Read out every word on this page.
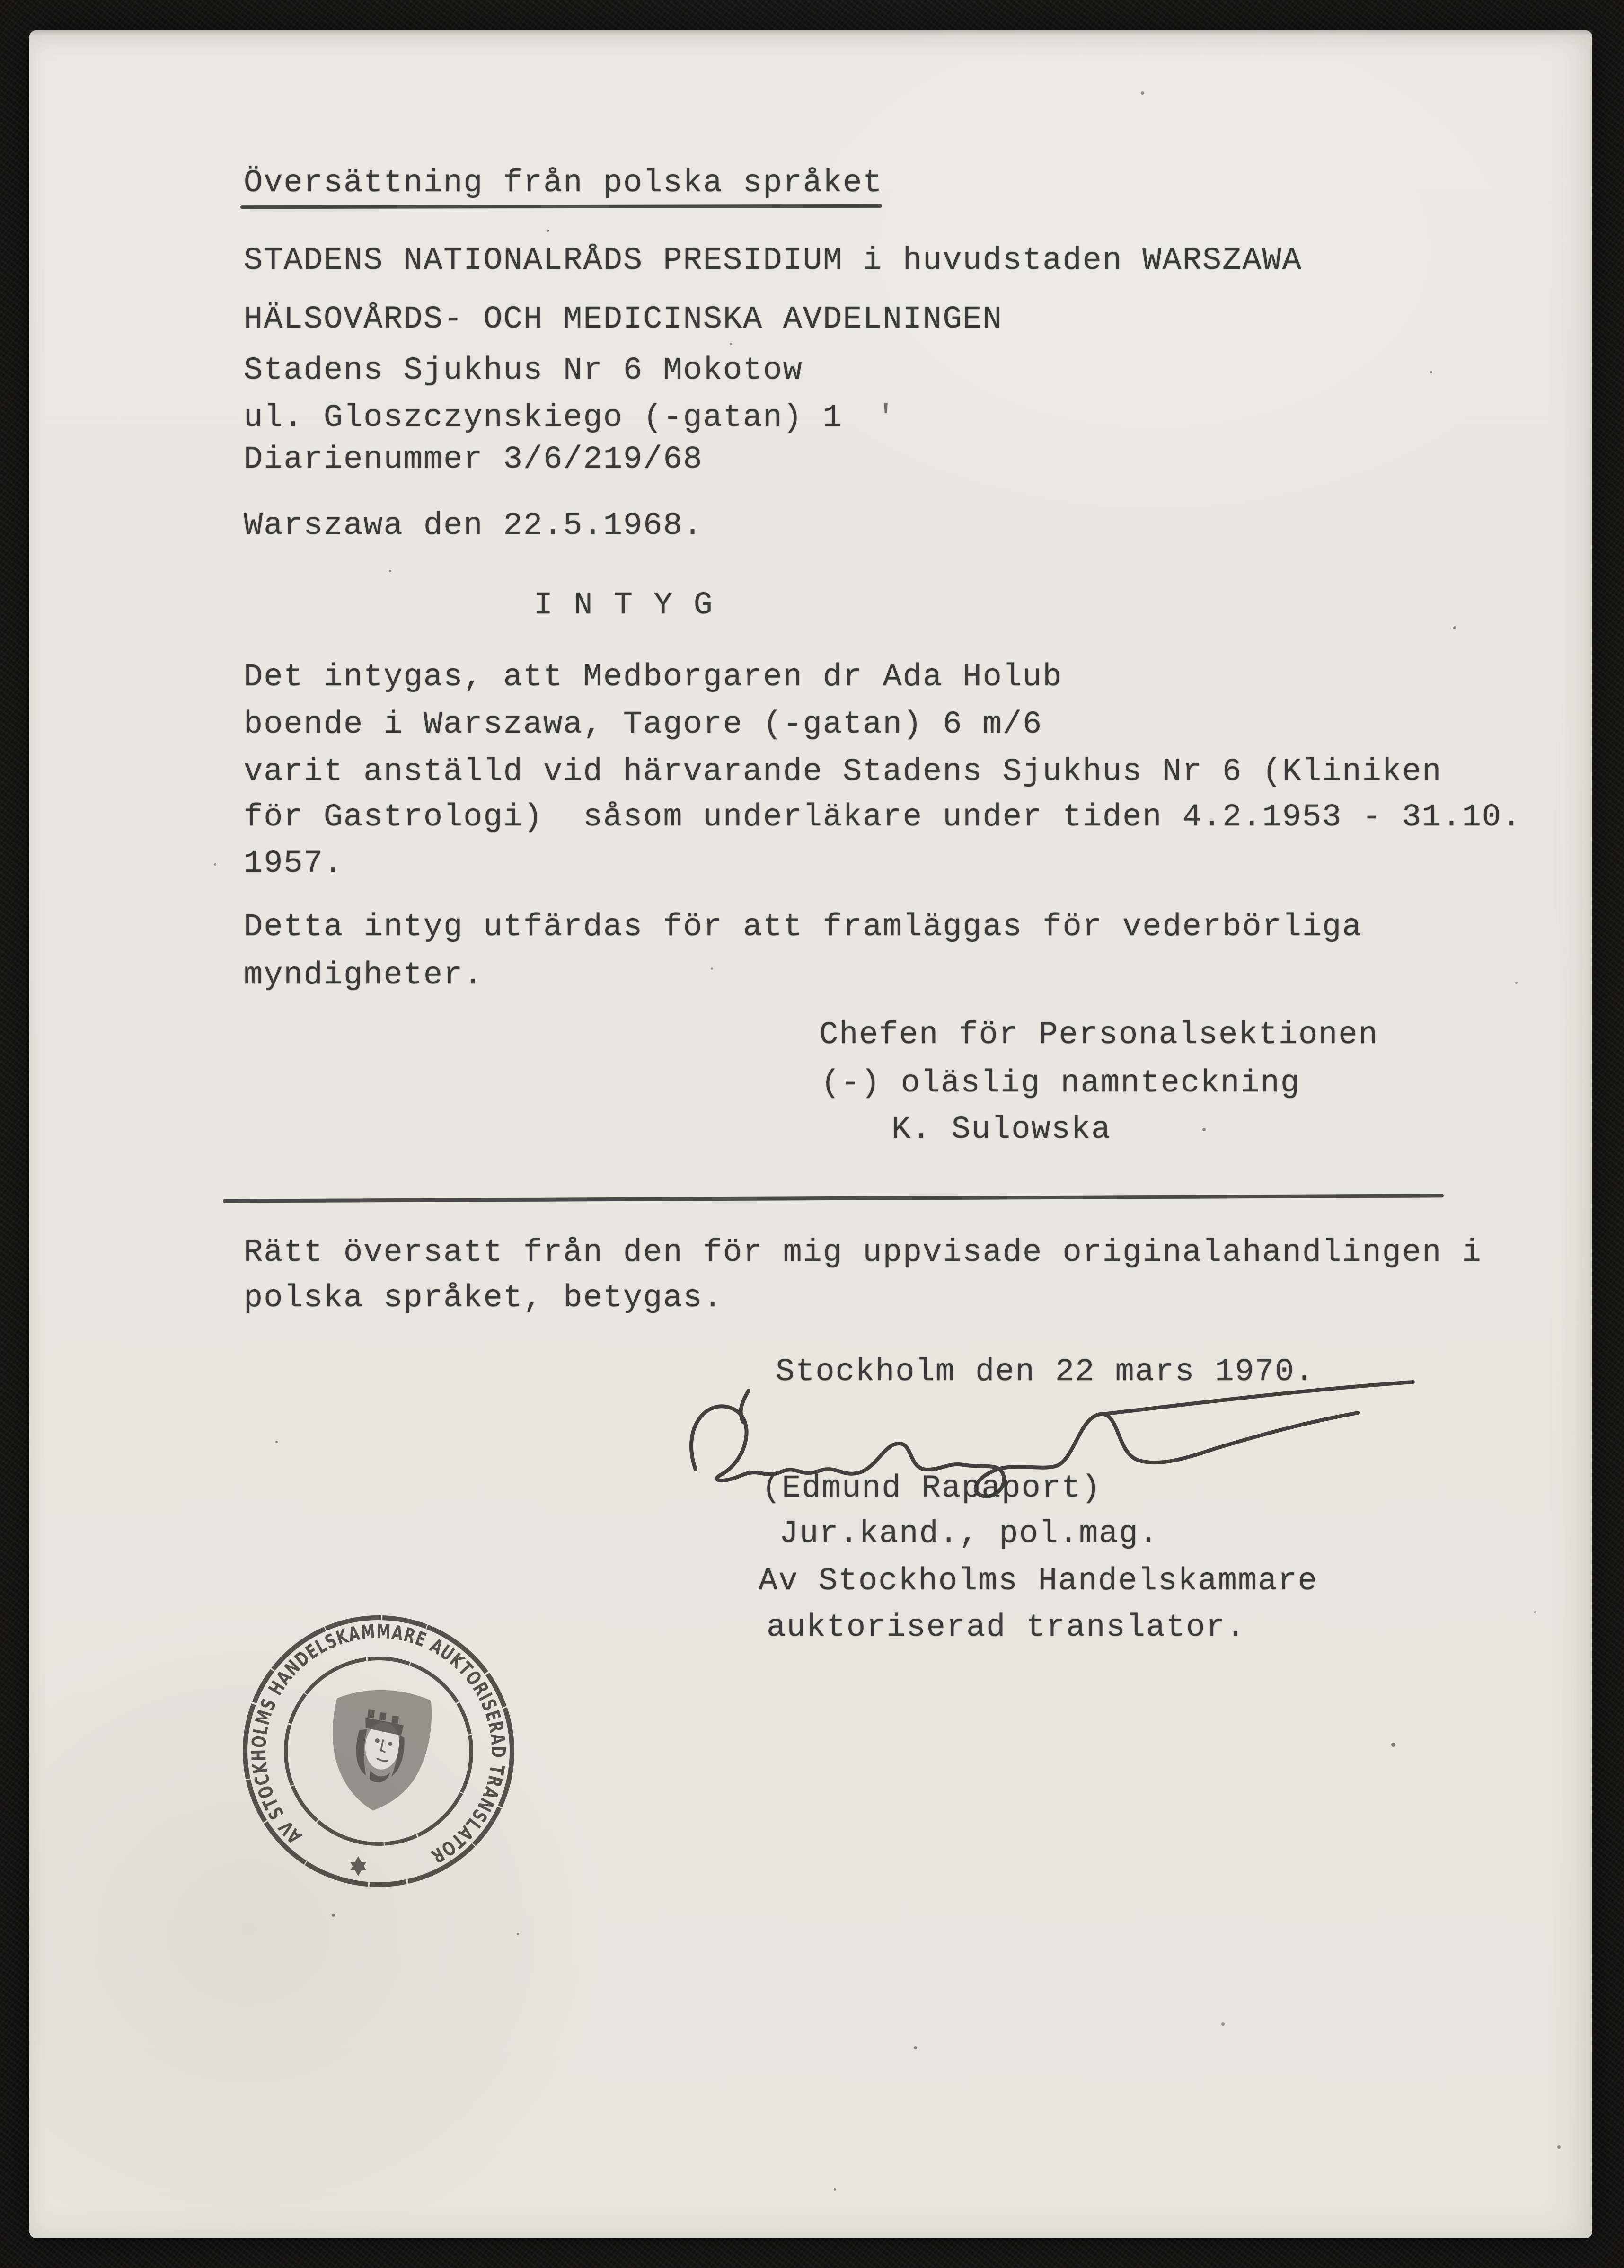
Översättning från polska språket
STADENS NATIONALRÅDS PRESIDIUM i huvudstaden WARSZAWA
HÄLSOVÅRDS- OCH MEDICINSKA AVDELNINGEN
Stadens Sjukhus Nr 6 Mokotow
ul. Gloszczynskiego (-gatan) 1 '
Diarienummer 3/6/219/68
Warszawa den 22.5.1968.
I N T Y G
Det intygas, att Medborgaren dr Ada Holub
boende i Warszawa, Tagore (-gatan) 6 m/6
varit anställd vid härvarande Stadens Sjukhus Nr 6 (Kliniken
för Gastrologi)  såsom underläkare under tiden 4.2.1953 - 31.10.
1957.
Detta intyg utfärdas för att framläggas för vederbörliga
myndigheter.
Chefen för Personalsektionen
(-) oläslig namnteckning
K. Sulowska
Rätt översatt från den för mig uppvisade originalahandlingen i
polska språket, betygas.
Stockholm den 22 mars 1970.
(Edmund Rapaport)
Jur.kand., pol.mag.
Av Stockholms Handelskammare
auktoriserad translator.
AV STOCKHOLMS HANDELSKAMMARE AUKTORISERAD TRANSLATOR
